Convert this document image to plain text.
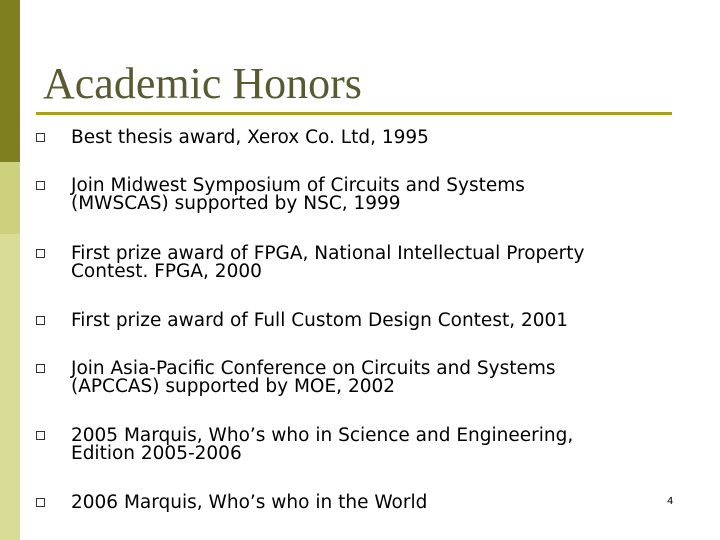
Academic Honors
Best thesis award, Xerox Co. Ltd, 1995
Join Midwest Symposium of Circuits and Systems
(MWSCAS) supported by NSC, 1999
First prize award of FPGA, National Intellectual Property
Contest. FPGA, 2000
First prize award of Full Custom Design Contest, 2001
Join Asia-Pacific Conference on Circuits and Systems
(APCCAS) supported by MOE, 2002
2005 Marquis, Who’s who in Science and Engineering,
Edition 2005-2006
2006 Marquis, Who’s who in the World	4
